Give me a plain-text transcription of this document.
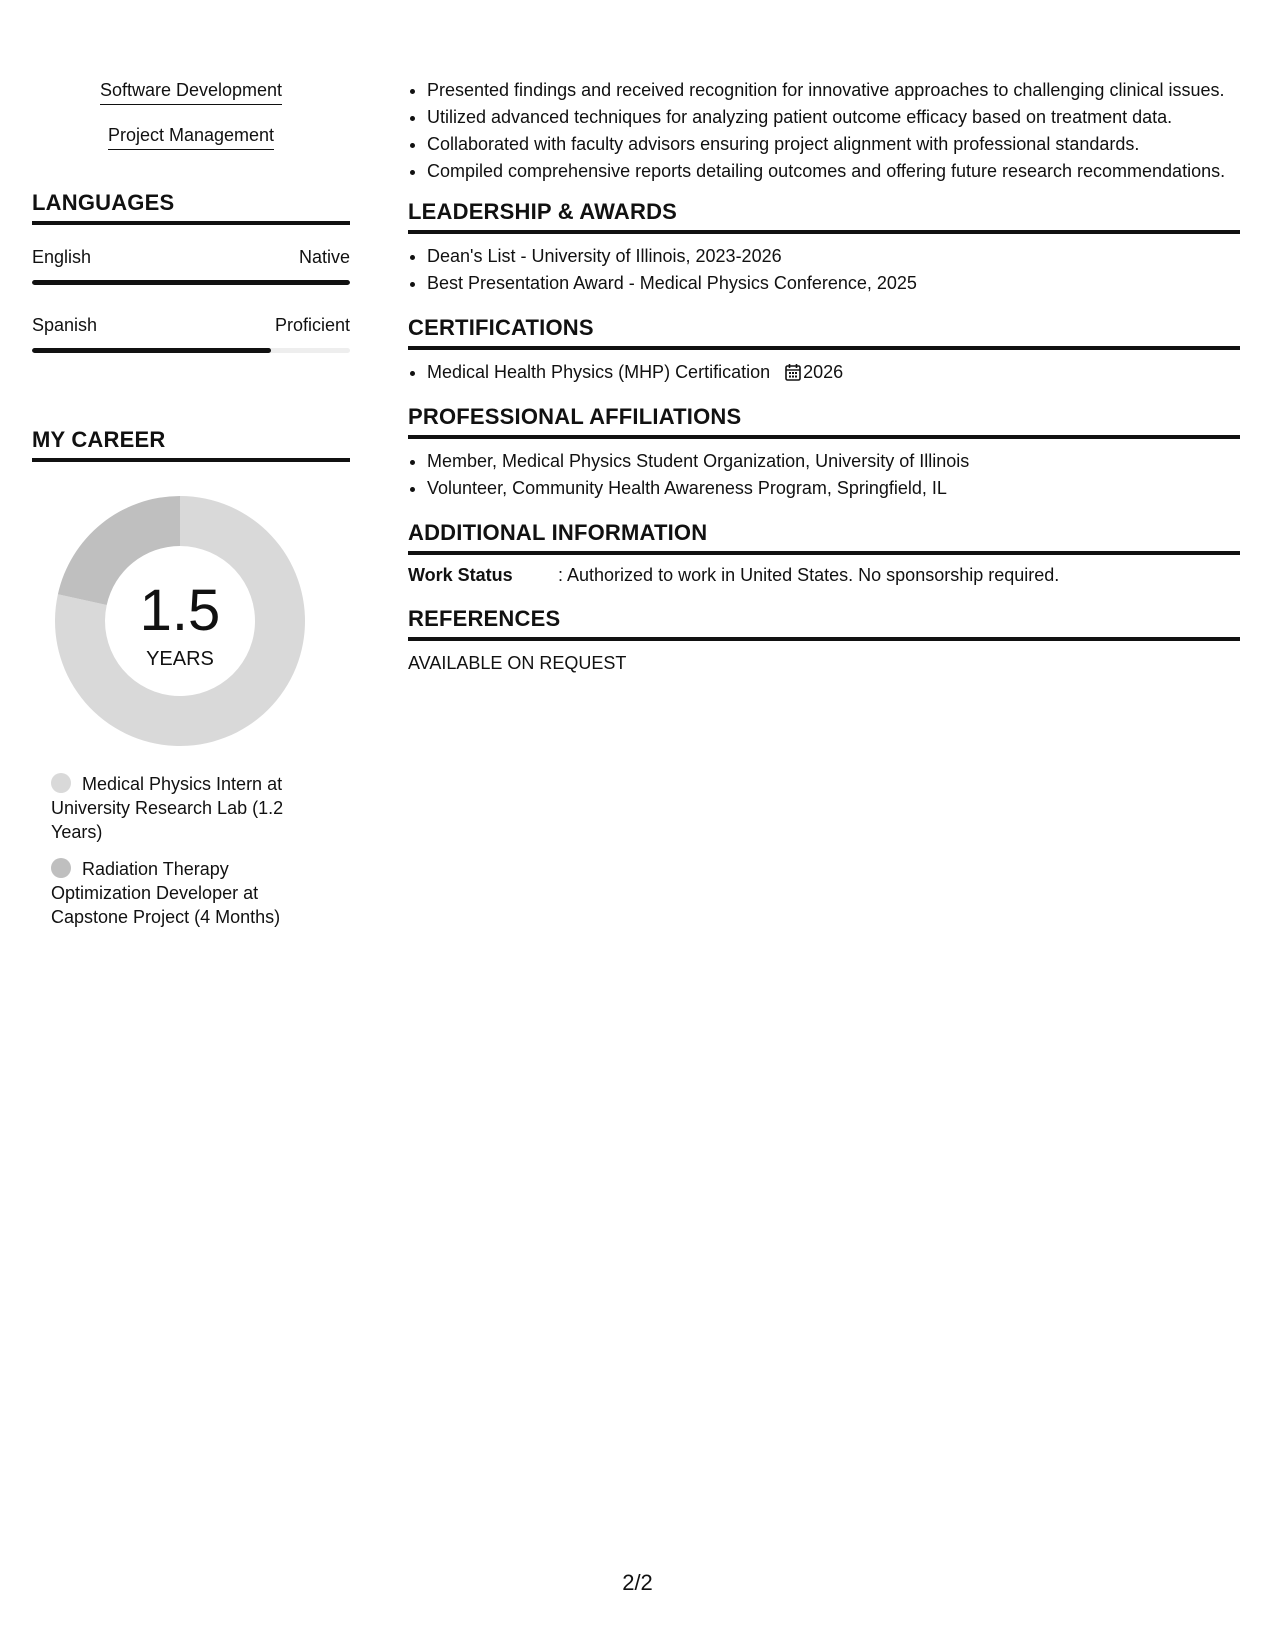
Software Development
Project Management
LANGUAGES
English	Native
Spanish	Proficient
MY CAREER
1.5
YEARS
Medical Physics Intern at University Research Lab (1.2 Years)
Radiation Therapy Optimization Developer at Capstone Project (4 Months)
• Presented findings and received recognition for innovative approaches to challenging clinical issues.
• Utilized advanced techniques for analyzing patient outcome efficacy based on treatment data.
• Collaborated with faculty advisors ensuring project alignment with professional standards.
• Compiled comprehensive reports detailing outcomes and offering future research recommendations.
LEADERSHIP & AWARDS
• Dean's List - University of Illinois, 2023-2026
• Best Presentation Award - Medical Physics Conference, 2025
CERTIFICATIONS
• Medical Health Physics (MHP) Certification 2026
PROFESSIONAL AFFILIATIONS
• Member, Medical Physics Student Organization, University of Illinois
• Volunteer, Community Health Awareness Program, Springfield, IL
ADDITIONAL INFORMATION
Work Status	: Authorized to work in United States. No sponsorship required.
REFERENCES
AVAILABLE ON REQUEST
2/2
